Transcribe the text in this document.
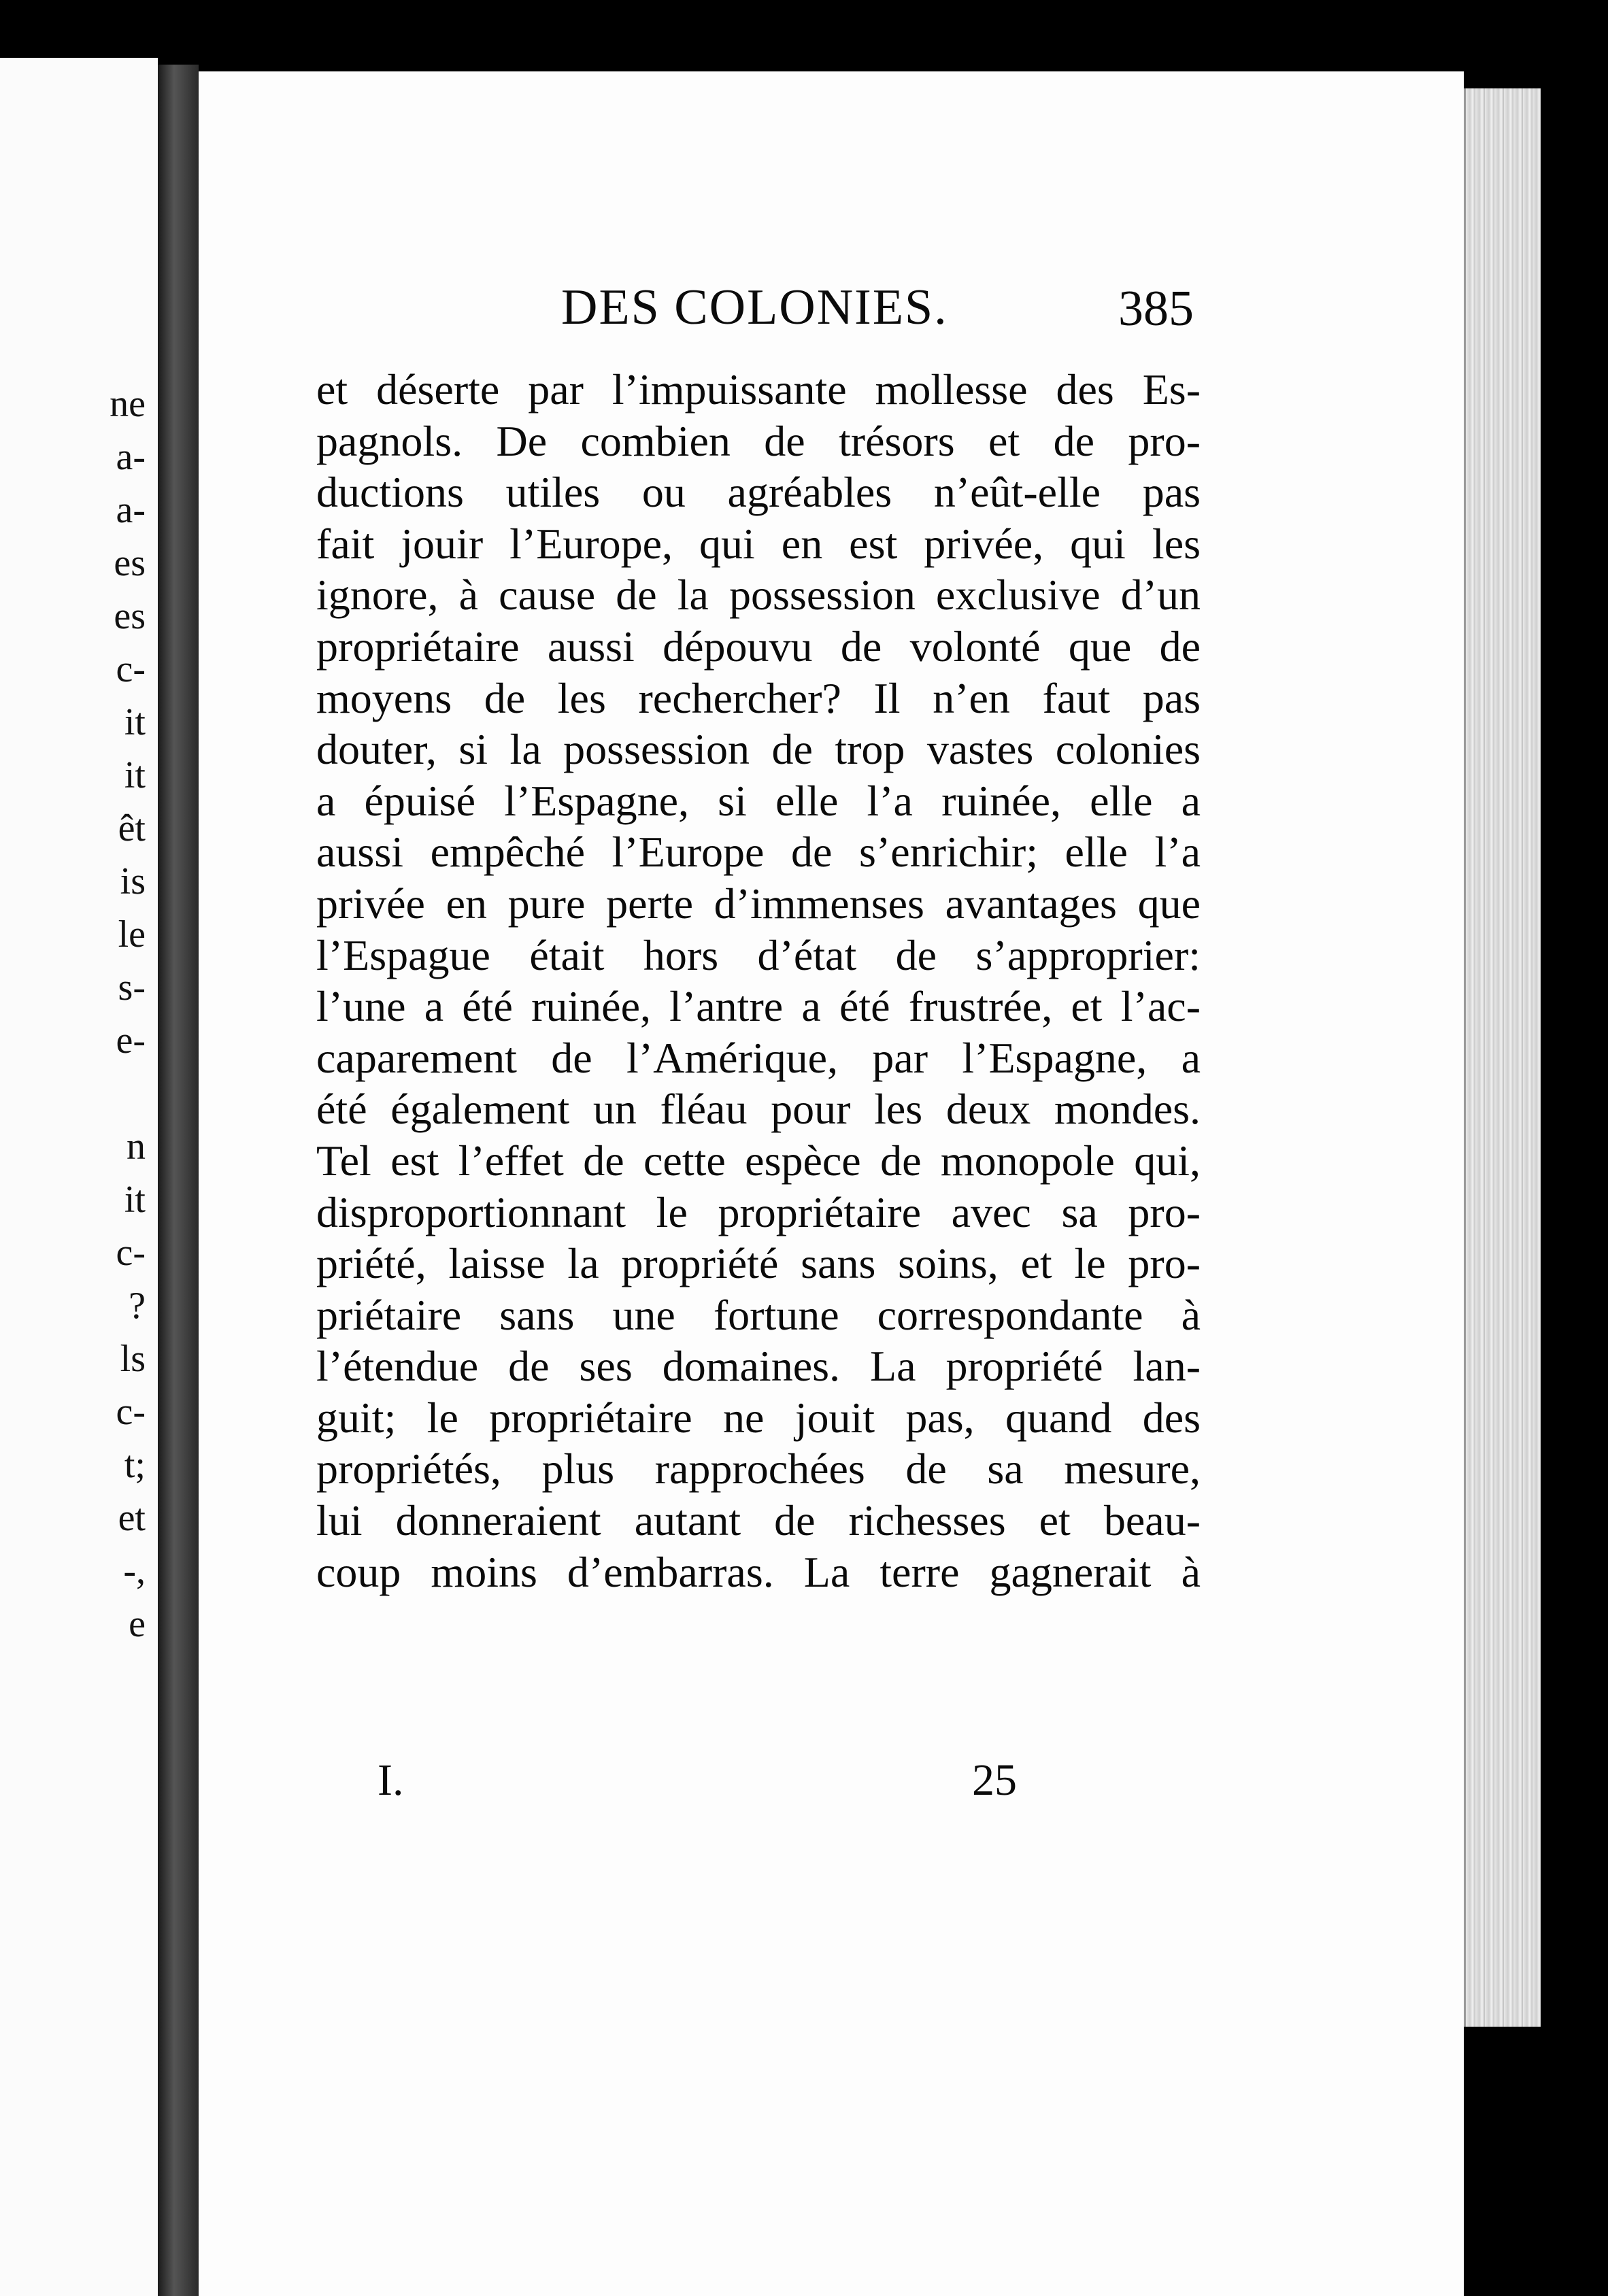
ne
a-
a-
es
es
c-
it
it
êt
is
le
s-
e-
n
it
c-
?
ls
c-
t;
et
-,
e
DES COLONIES.	385
et déserte par l’impuissante mollesse des Es-
pagnols. De combien de trésors et de pro-
ductions utiles ou agréables n’eût-elle pas
fait jouir l’Europe, qui en est privée, qui les
ignore, à cause de la possession exclusive d’un
propriétaire aussi dépouvu de volonté que de
moyens de les rechercher? Il n’en faut pas
douter, si la possession de trop vastes colonies
a épuisé l’Espagne, si elle l’a ruinée, elle a
aussi empêché l’Europe de s’enrichir; elle l’a
privée en pure perte d’immenses avantages que
l’Espague était hors d’état de s’approprier:
l’une a été ruinée, l’antre a été frustrée, et l’ac-
caparement de l’Amérique, par l’Espagne, a
été également un fléau pour les deux mondes.
Tel est l’effet de cette espèce de monopole qui,
disproportionnant le propriétaire avec sa pro-
priété, laisse la propriété sans soins, et le pro-
priétaire sans une fortune correspondante à
l’étendue de ses domaines. La propriété lan-
guit; le propriétaire ne jouit pas, quand des
propriétés, plus rapprochées de sa mesure,
lui donneraient autant de richesses et beau-
coup moins d’embarras. La terre gagnerait à
I.	25
